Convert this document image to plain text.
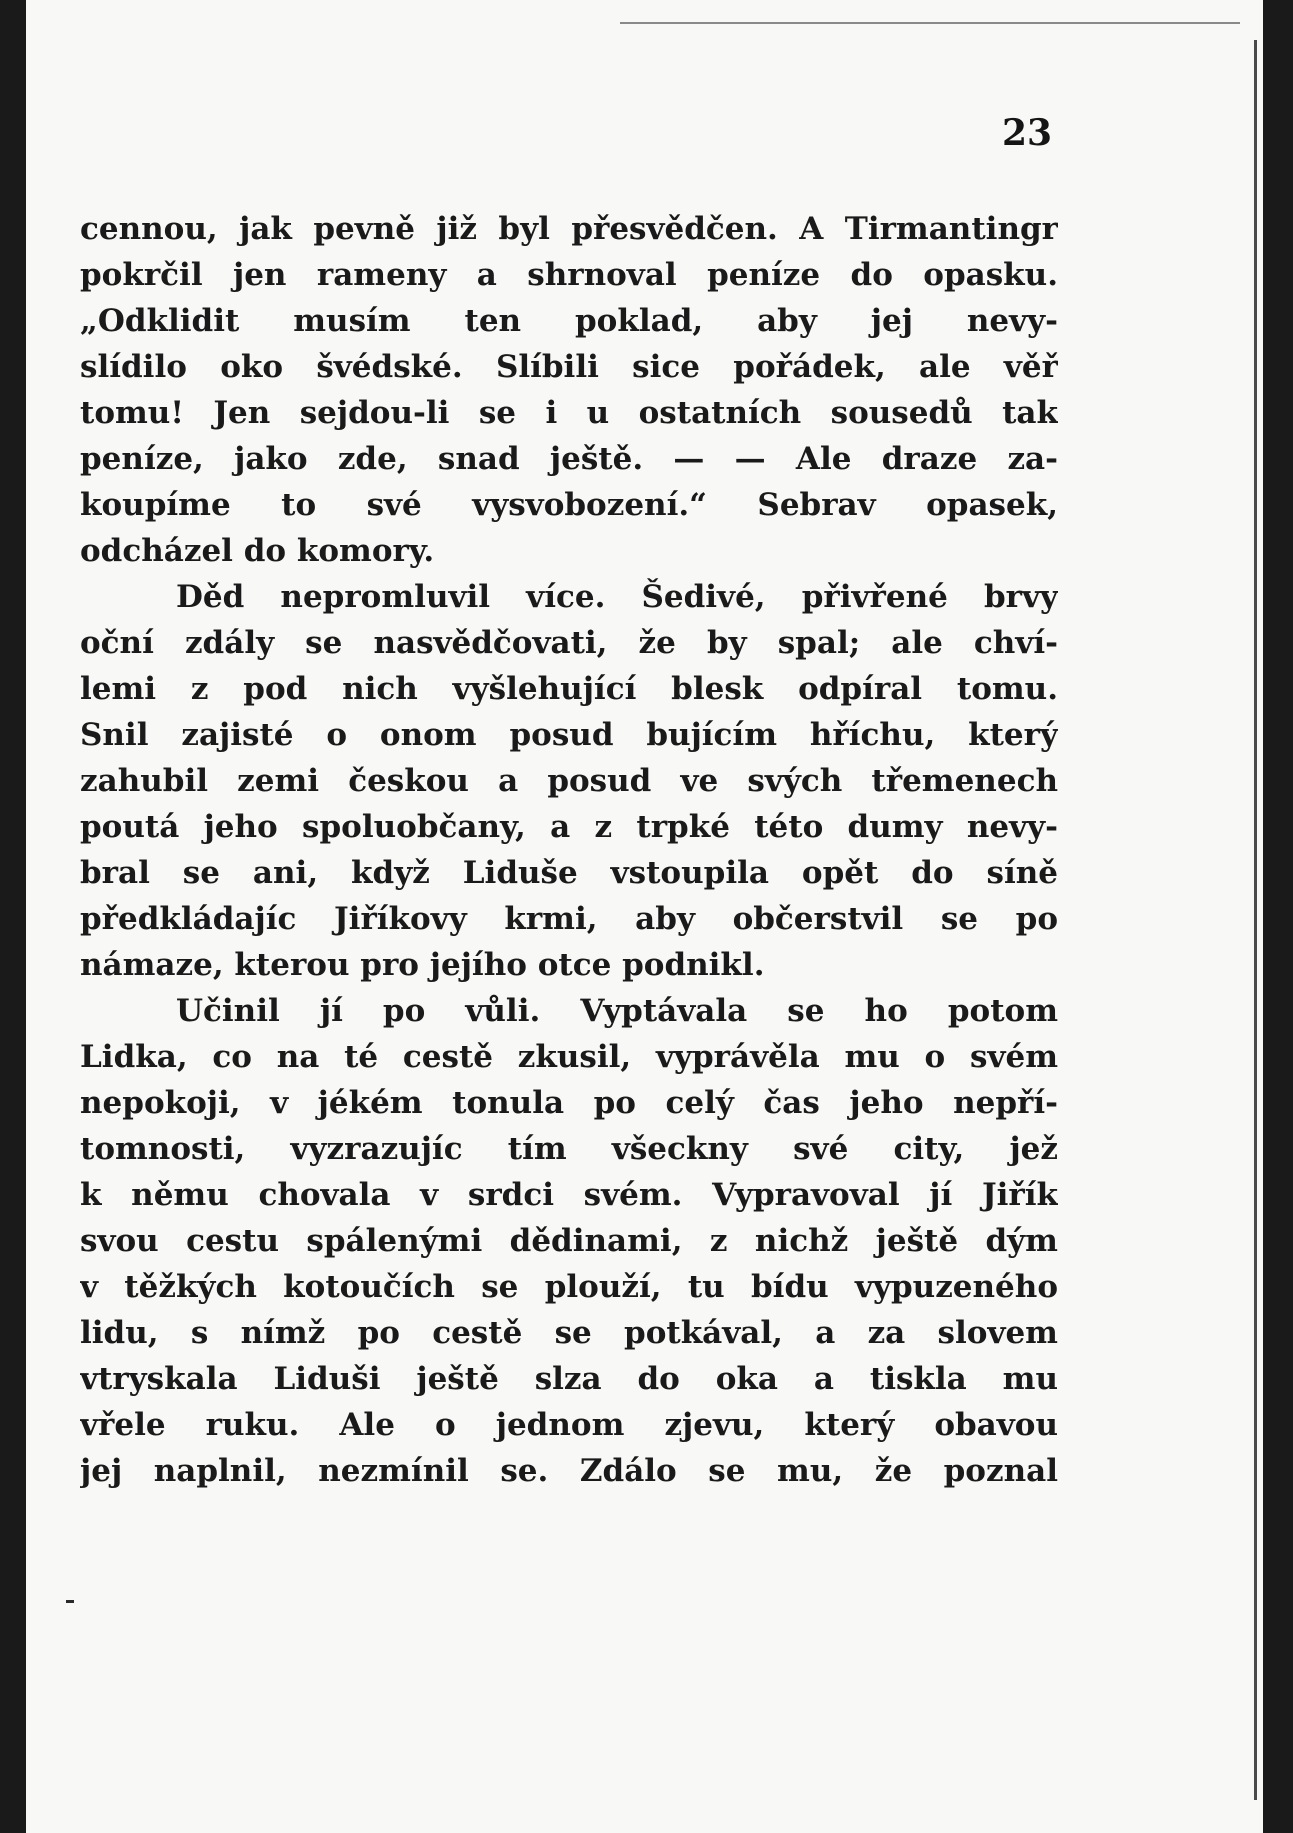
23
cennou, jak pevně již byl přesvědčen. A Tirmantingr
pokrčil jen rameny a shrnoval peníze do opasku.
„Odklidit musím ten poklad, aby jej nevy-
slídilo oko švédské. Slíbili sice pořádek, ale věř
tomu! Jen sejdou-li se i u ostatních sousedů tak
peníze, jako zde, snad ještě. — — Ale draze za-
koupíme to své vysvobození.“ Sebrav opasek,
odcházel do komory.
Děd nepromluvil více. Šedivé, přivřené brvy
oční zdály se nasvědčovati, že by spal; ale chví-
lemi z pod nich vyšlehující blesk odpíral tomu.
Snil zajisté o onom posud bujícím hříchu, který
zahubil zemi českou a posud ve svých třemenech
poutá jeho spoluobčany, a z trpké této dumy nevy-
bral se ani, když Liduše vstoupila opět do síně
předkládajíc Jiříkovy krmi, aby občerstvil se po
námaze, kterou pro jejího otce podnikl.
Učinil jí po vůli. Vyptávala se ho potom
Lidka, co na té cestě zkusil, vyprávěla mu o svém
nepokoji, v jékém tonula po celý čas jeho nepří-
tomnosti, vyzrazujíc tím všeckny své city, jež
k němu chovala v srdci svém. Vypravoval jí Jiřík
svou cestu spálenými dědinami, z nichž ještě dým
v těžkých kotoučích se plouží, tu bídu vypuzeného
lidu, s nímž po cestě se potkával, a za slovem
vtryskala Liduši ještě slza do oka a tiskla mu
vřele ruku. Ale o jednom zjevu, který obavou
jej naplnil, nezmínil se. Zdálo se mu, že poznal
